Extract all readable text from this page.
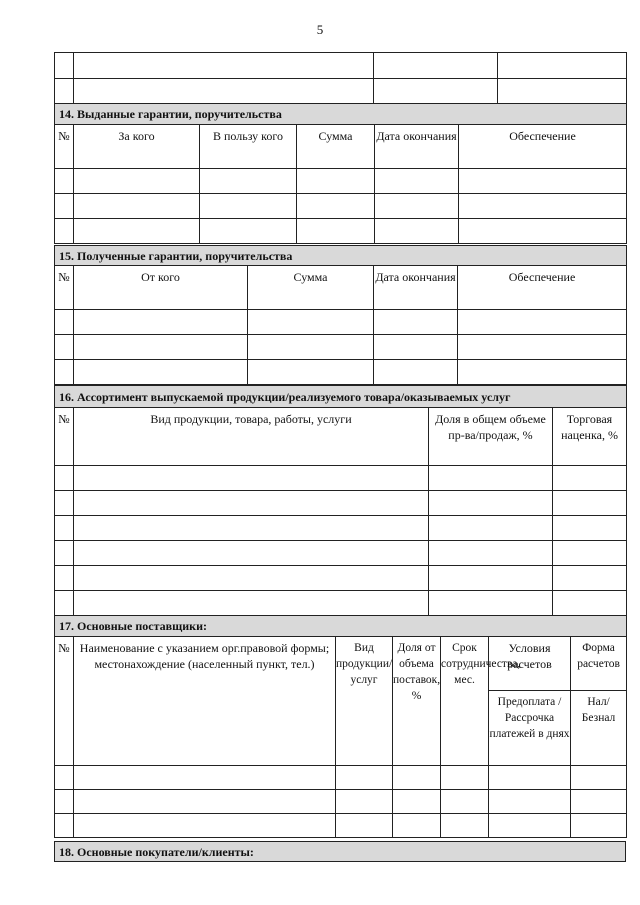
5

14. Выданные гарантии, поручительства					
№	За кого	В пользу кого	Сумма	Дата окончания	Обеспечение

15. Полученные гарантии, поручительства				
№	От кого	Сумма	Дата окончания	Обеспечение

16. Ассортимент выпускаемой продукции/реализуемого товара/оказываемых услуг			
№	Вид продукции, товара, работы, услуги	Доля в общем объеме пр-ва/продаж, %	Торговая наценка, %

17. Основные поставщики:						
№	Наименование с указанием орг.правовой формы; местонахождение (населенный пункт, тел.)	Вид продукции/услуг	Доля от объема поставок, %	Срок сотрудничества, мес.	Условия расчетов	Форма расчетов
					Предоплата / Рассрочка платежей в днях	Нал/Безнал

18. Основные покупатели/клиенты:
